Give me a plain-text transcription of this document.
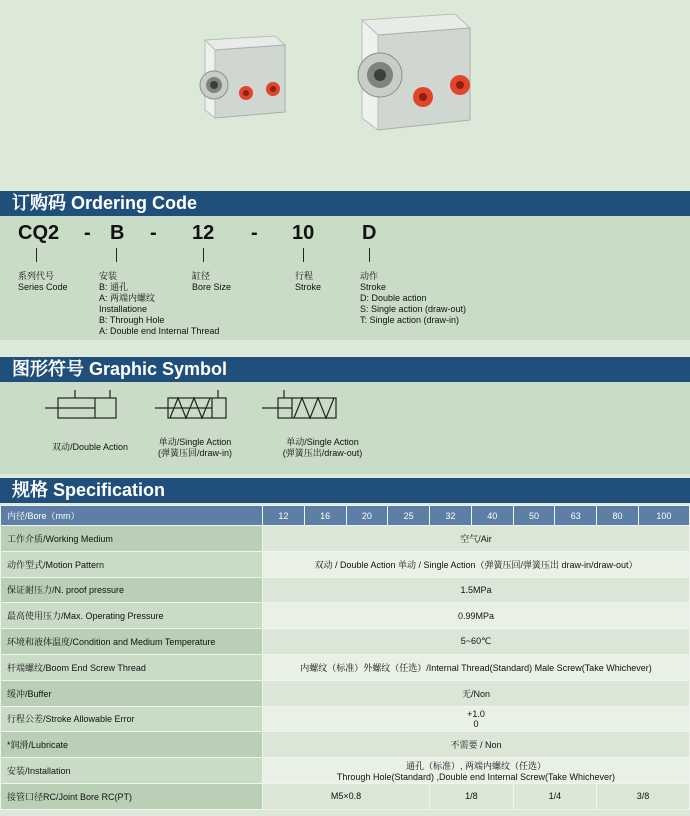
订购码 Ordering Code
CQ2 - B - 12 - 10 D
系列代号
Series Code
安装
B: 通孔
A: 两端内螺纹
Installatione
B: Through Hole
A: Double end Internal Thread
缸径
Bore Size
行程
Stroke
动作
Stroke
D: Double action
S: Single action (draw-out)
T: Single action (draw-in)
图形符号 Graphic Symbol
双动/Double Action	单动/Single Action
(弹簧压回/draw-in)
单动/Single Action
(弹簧压出/draw-out)
规格 Specification
内径/Bore（mm）	12	16	20	25	32	40	50	63	80	100
工作介质/Working Medium	空气/Air									
动作型式/Motion Pattern	双动 / Double Action 单动 / Single Action（弹簧压回/弹簧压出 draw-in/draw-out）									
保证耐压力/N. proof pressure	1.5MPa									
最高使用压力/Max. Operating Pressure	0.99MPa									
环境和液体温度/Condition and Medium Temperature	5~60℃									
杆端螺纹/Boom End Screw Thread	内螺纹（标准）外螺纹（任选）/Internal Thread(Standard) Male Screw(Take Whichever)									
缓冲/Buffer	无/Non									
行程公差/Stroke Allowable Error	+1.0
0									

*润滑/Lubricate	不需要 / Non									
安装/Installation	通孔（标准）, 两端内螺纹（任选）
Through Hole(Standard) ,Double end Internal Screw(Take Whichever)									

接管口径RC/Joint Bore RC(PT)	M5×0.8				1/8		1/4		3/8	
